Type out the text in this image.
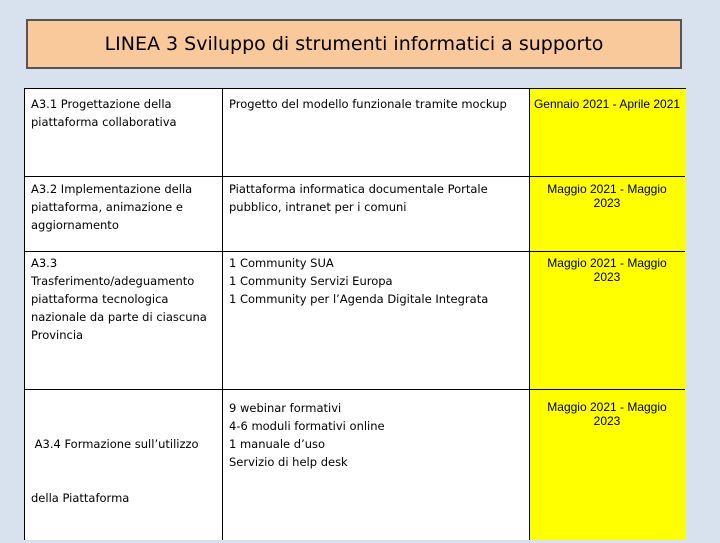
LINEA 3 Sviluppo di strumenti informatici a supporto
A3.1 Progettazione della
piattaforma collaborativa
Progetto del modello funzionale tramite mockup	Gennaio 2021 - Aprile 2021
A3.2 Implementazione della
piattaforma, animazione e
aggiornamento
Piattaforma informatica documentale Portale
pubblico, intranet per i comuni
Maggio 2021 - Maggio
2023
A3.3
Trasferimento/adeguamento
piattaforma tecnologica
nazionale da parte di ciascuna
Provincia
1 Community SUA
1 Community Servizi Europa
1 Community per l’Agenda Digitale Integrata
Maggio 2021 - Maggio
2023

A3.4 Formazione sull’utilizzo

della Piattaforma

9 webinar formativi
4-6 moduli formativi online
1 manuale d’uso
Servizio di help desk
Maggio 2021 - Maggio
2023
